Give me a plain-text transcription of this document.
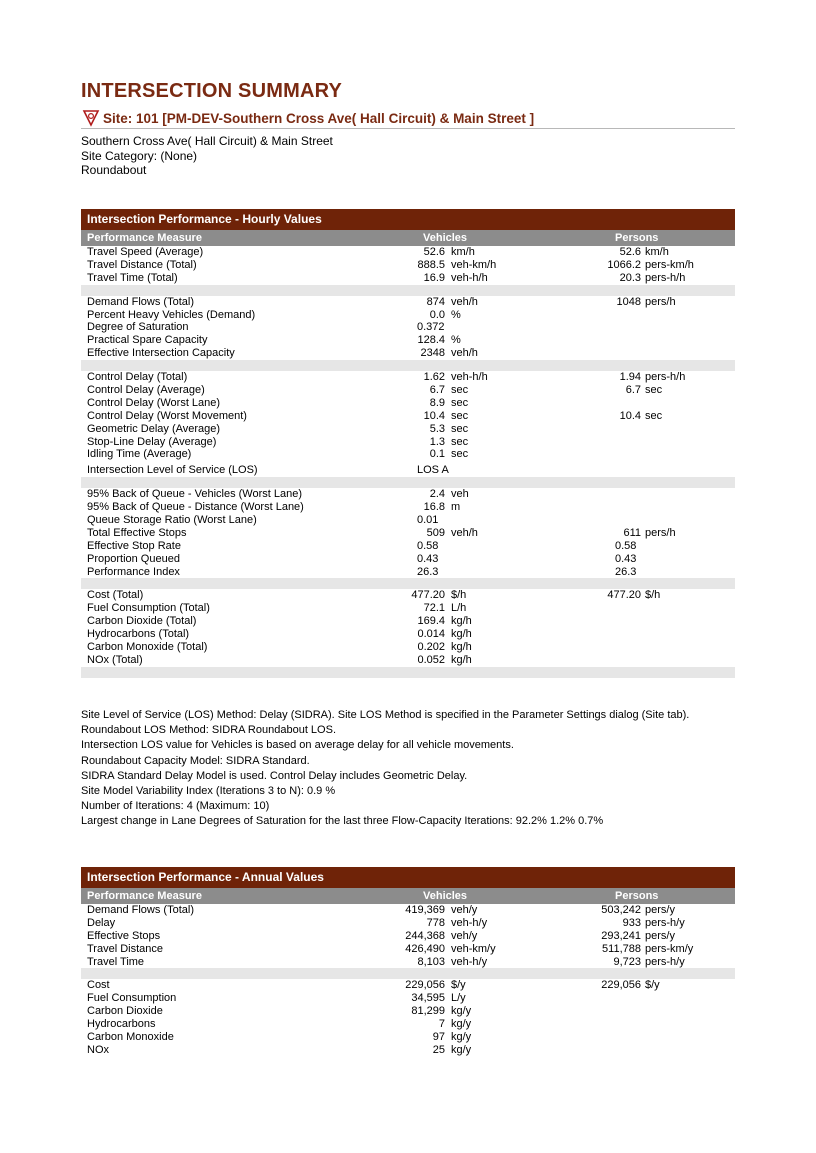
INTERSECTION SUMMARY
Site: 101 [PM-DEV-Southern Cross Ave( Hall Circuit) & Main Street ]
Southern Cross Ave( Hall Circuit) & Main Street
Site Category: (None)
Roundabout
Intersection Performance - Hourly Values
Performance Measure	Vehicles	Persons
Travel Speed (Average)	52.6 km/h	52.6 km/h
Travel Distance (Total)	888.5 veh-km/h	1066.2 pers-km/h
Travel Time (Total)	16.9 veh-h/h	20.3 pers-h/h
Demand Flows (Total)	874 veh/h	1048 pers/h
Percent Heavy Vehicles (Demand)	0.0 %
Degree of Saturation	0.372
Practical Spare Capacity	128.4 %
Effective Intersection Capacity	2348 veh/h
Control Delay (Total)	1.62 veh-h/h	1.94 pers-h/h
Control Delay (Average)	6.7 sec	6.7 sec
Control Delay (Worst Lane)	8.9 sec
Control Delay (Worst Movement)	10.4 sec	10.4 sec
Geometric Delay (Average)	5.3 sec
Stop-Line Delay (Average)	1.3 sec
Idling Time (Average)	0.1 sec
Intersection Level of Service (LOS)	LOS A
95% Back of Queue - Vehicles (Worst Lane)	2.4 veh
95% Back of Queue - Distance (Worst Lane)	16.8 m
Queue Storage Ratio (Worst Lane)	0.01
Total Effective Stops	509 veh/h	611 pers/h
Effective Stop Rate	0.58	0.58
Proportion Queued	0.43	0.43
Performance Index	26.3	26.3
Cost (Total)	477.20 $/h	477.20 $/h
Fuel Consumption (Total)	72.1 L/h
Carbon Dioxide (Total)	169.4 kg/h
Hydrocarbons (Total)	0.014 kg/h
Carbon Monoxide (Total)	0.202 kg/h
NOx (Total)	0.052 kg/h
Site Level of Service (LOS) Method: Delay (SIDRA). Site LOS Method is specified in the Parameter Settings dialog (Site tab).
Roundabout LOS Method: SIDRA Roundabout LOS.
Intersection LOS value for Vehicles is based on average delay for all vehicle movements.
Roundabout Capacity Model: SIDRA Standard.
SIDRA Standard Delay Model is used. Control Delay includes Geometric Delay.
Site Model Variability Index (Iterations 3 to N): 0.9 %
Number of Iterations: 4 (Maximum: 10)
Largest change in Lane Degrees of Saturation for the last three Flow-Capacity Iterations: 92.2% 1.2% 0.7%
Intersection Performance - Annual Values
Performance Measure	Vehicles	Persons
Demand Flows (Total)	419,369 veh/y	503,242 pers/y
Delay	778 veh-h/y	933 pers-h/y
Effective Stops	244,368 veh/y	293,241 pers/y
Travel Distance	426,490 veh-km/y	511,788 pers-km/y
Travel Time	8,103 veh-h/y	9,723 pers-h/y
Cost	229,056 $/y	229,056 $/y
Fuel Consumption	34,595 L/y
Carbon Dioxide	81,299 kg/y
Hydrocarbons	7 kg/y
Carbon Monoxide	97 kg/y
NOx	25 kg/y
